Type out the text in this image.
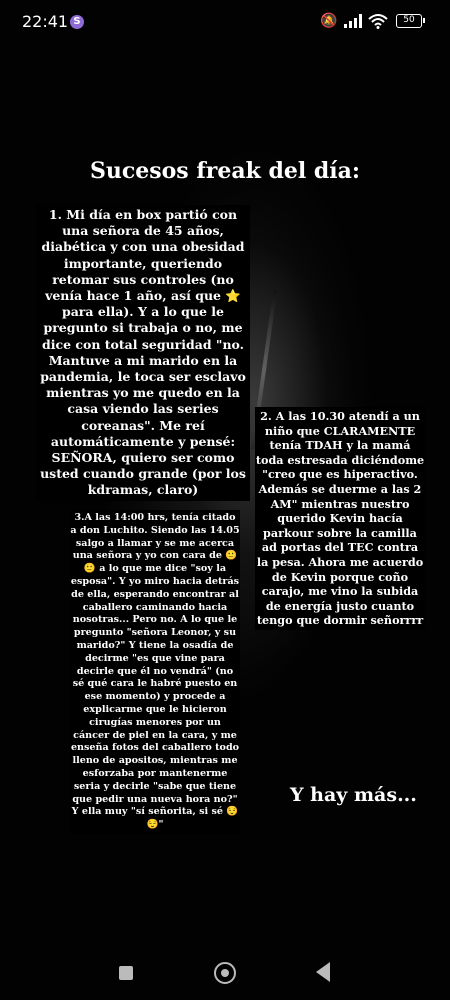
22:41 S	🔕	50
Sucesos freak del día:
1. Mi día en box partió con una señora de 45 años, diabética y con una obesidad importante, queriendo retomar sus controles (no venía hace 1 año, así que ⭐ para ella). Y a lo que le pregunto si trabaja o no, me dice con total seguridad "no. Mantuve a mi marido en la pandemia, le toca ser esclavo mientras yo me quedo en la casa viendo las series coreanas". Me reí automáticamente y pensé: SEÑORA, quiero ser como usted cuando grande (por los kdramas, claro)
2. A las 10.30 atendí a un niño que CLARAMENTE tenía TDAH y la mamá toda estresada diciéndome "creo que es hiperactivo. Además se duerme a las 2 AM" mientras nuestro querido Kevin hacía parkour sobre la camilla ad portas del TEC contra la pesa. Ahora me acuerdo de Kevin porque coño carajo, me vino la subida de energía justo cuanto tengo que dormir señorrrr
3.A las 14:00 hrs, tenía citado a don Luchito. Siendo las 14.05 salgo a llamar y se me acerca una señora y yo con cara de 🙂🙂 a lo que me dice "soy la esposa". Y yo miro hacia detrás de ella, esperando encontrar al caballero caminando hacia nosotras... Pero no. A lo que le pregunto "señora Leonor, y su marido?" Y tiene la osadía de decirme "es que vine para decirle que él no vendrá" (no sé qué cara le habré puesto en ese momento) y procede a explicarme que le hicieron cirugías menores por un cáncer de piel en la cara, y me enseña fotos del caballero todo lleno de apositos, mientras me esforzaba por mantenerme seria y decirle "sabe que tiene que pedir una nueva hora no?" Y ella muy "sí señorita, si sé 😌😌"
Y hay más...
